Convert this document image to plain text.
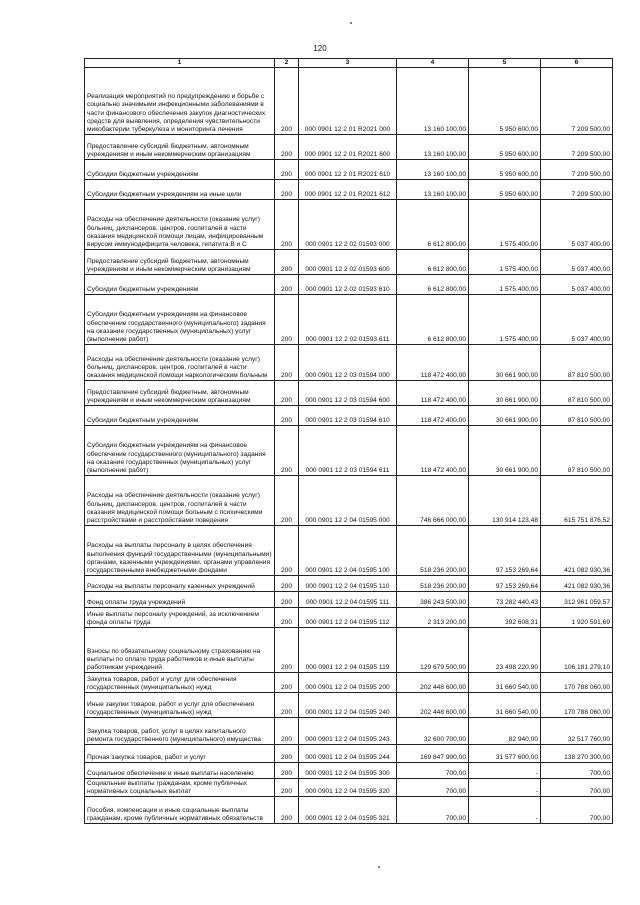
120
1	2	3	4	5	6
Реализация мероприятий по предупреждению и борьбе с социально значимыми инфекционными заболеваниями в части финансового обеспечения закупок диагностических средств для выявления, определения чувствительности микобактерии туберкулеза и мониторинга лечения	200	000 0901 12 2 01 R2021 000	13 160 100,00	5 950 600,00	7 209 500,00
Предоставление субсидий бюджетным, автономным учреждениям и иным некоммерческим организациям	200	000 0901 12 2 01 R2021 600	13 160 100,00	5 950 600,00	7 209 500,00
Субсидии бюджетным учреждениям	200	000 0901 12 2 01 R2021 610	13 160 100,00	5 950 600,00	7 209 500,00
Субсидии бюджетным учреждениям на иные цели	200	000 0901 12 2 01 R2021 612	13 160 100,00	5 950 600,00	7 209 500,00
Расходы на обеспечение деятельности (оказание услуг) больниц, диспансеров, центров, госпиталей в части оказания медицинской помощи лицам, инфицированным вирусом иммунодефицита человека, гепатита В и С	200	000 0901 12 2 02 01593 000	6 612 800,00	1 575 400,00	5 037 400,00
Предоставление субсидий бюджетным, автономным учреждениям и иным некоммерческим организациям	200	000 0901 12 2 02 01593 600	6 612 800,00	1 575 400,00	5 037 400,00
Субсидии бюджетным учреждениям	200	000 0901 12 2 02 01593 610	6 612 800,00	1 575 400,00	5 037 400,00
Субсидии бюджетным учреждениям на финансовое обеспечение государственного (муниципального) задания на оказание государственных (муниципальных) услуг (выполнение работ)	200	000 0901 12 2 02 01593 611	6 612 800,00	1 575 400,00	5 037 400,00
Расходы на обеспечение деятельности (оказание услуг) больниц, диспансеров, центров, госпиталей в части оказания медицинской помощи наркологическим больным	200	000 0901 12 2 03 01594 000	118 472 400,00	30 661 900,00	87 810 500,00
Предоставление субсидий бюджетным, автономным учреждениям и иным некоммерческим организациям	200	000 0901 12 2 03 01594 600	118 472 400,00	30 661 900,00	87 810 500,00
Субсидии бюджетным учреждениям	200	000 0901 12 2 03 01594 610	118 472 400,00	30 661 900,00	87 810 500,00
Субсидии бюджетным учреждениям на финансовое обеспечение государственного (муниципального) задания на оказание государственных (муниципальных) услуг (выполнение работ)	200	000 0901 12 2 03 01594 611	118 472 400,00	30 661 900,00	87 810 500,00
Расходы на обеспечение деятельности (оказание услуг) больниц, диспансеров, центров, госпиталей в части оказания медицинской помощи больным с психическими расстройствами и расстройствами поведения	200	000 0901 12 2 04 01595 000	746 666 000,00	130 914 123,48	615 751 876,52
Расходы на выплаты персоналу в целях обеспечения выполнения функций государственными (муниципальными) органами, казенными учреждениями, органами управления государственными внебюджетными фондами	200	000 0901 12 2 04 01595 100	518 236 200,00	97 153 269,64	421 082 930,36
Расходы на выплаты персоналу казенных учреждений	200	000 0901 12 2 04 01595 110	518 236 200,00	97 153 269,64	421 082 930,36
Фонд оплаты труда учреждений	200	000 0901 12 2 04 01595 111	386 243 500,00	73 282 440,43	312 961 059,57
Иные выплаты персоналу учреждений, за исключением фонда оплаты труда	200	000 0901 12 2 04 01595 112	2 313 200,00	392 608,31	1 920 591,69
Взносы по обязательному социальному страхованию на выплаты по оплате труда работников и иные выплаты работникам учреждений	200	000 0901 12 2 04 01595 119	129 679 500,00	23 498 220,90	106 181 279,10
Закупка товаров, работ и услуг для обеспечения государственных (муниципальных) нужд	200	000 0901 12 2 04 01595 200	202 448 600,00	31 660 540,00	170 788 060,00
Иные закупки товаров, работ и услуг для обеспечения государственных (муниципальных) нужд	200	000 0901 12 2 04 01595 240	202 448 600,00	31 660 540,00	170 788 060,00
Закупка товаров, работ, услуг в целях капитального ремонта государственного (муниципального) имущества	200	000 0901 12 2 04 01595 243	32 600 700,00	82 940,00	32 517 760,00
Прочая закупка товаров, работ и услуг	200	000 0901 12 2 04 01595 244	169 847 900,00	31 577 600,00	138 270 300,00
Социальное обеспечение и иные выплаты населению	200	000 0901 12 2 04 01595 300	700,00	-	700,00
Социальные выплаты гражданам, кроме публичных нормативных социальных выплат	200	000 0901 12 2 04 01595 320	700,00	-	700,00
Пособия, компенсации и иные социальные выплаты гражданам, кроме публичных нормативных обязательств	200	000 0901 12 2 04 01595 321	700,00	-	700,00
